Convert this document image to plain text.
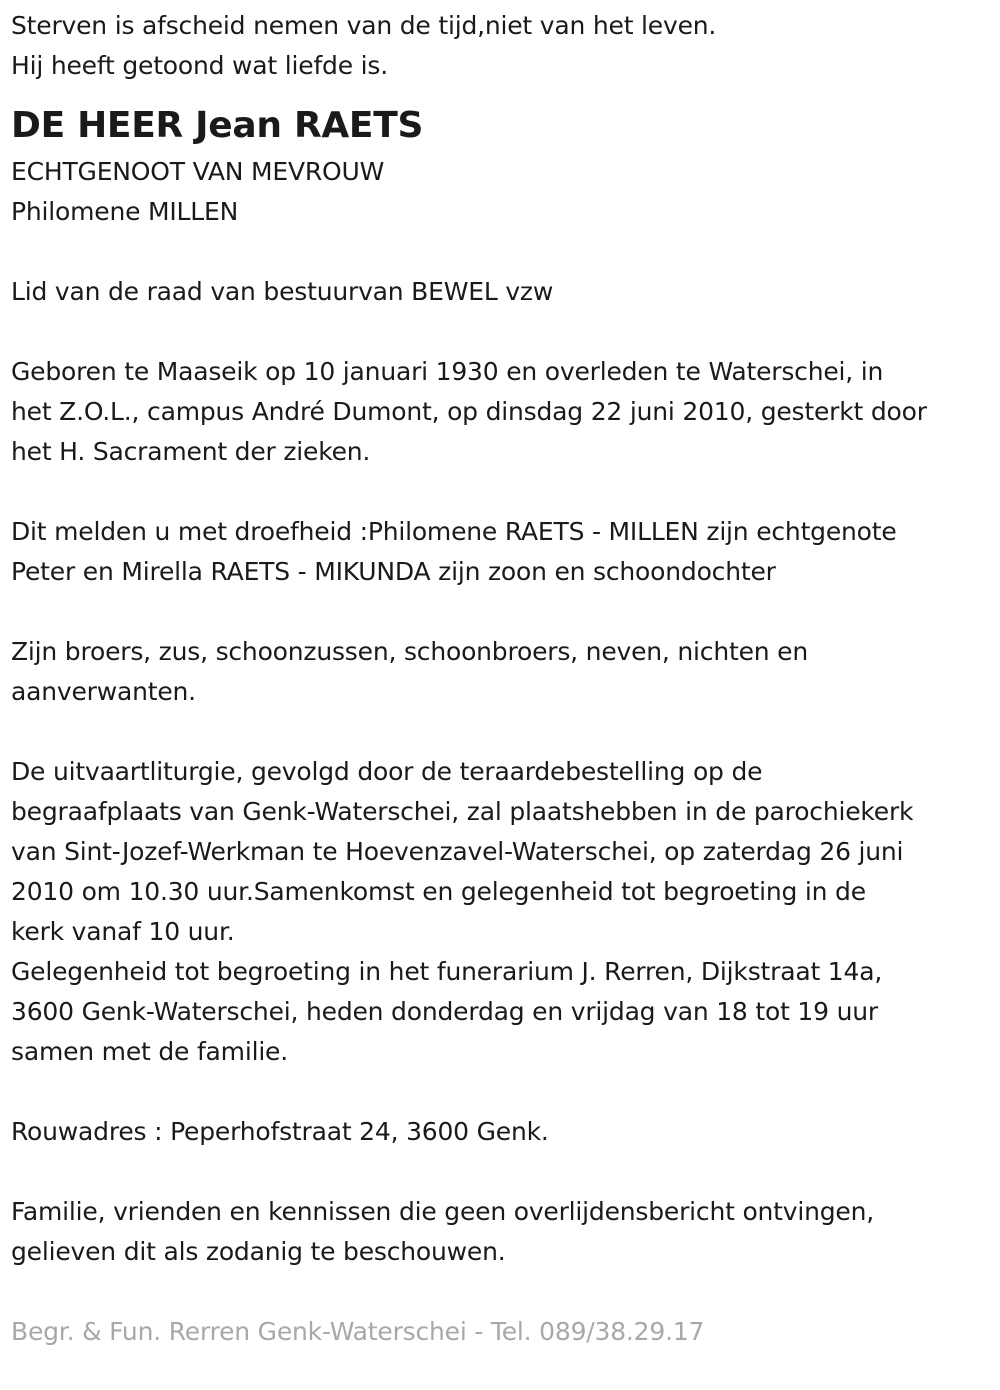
Sterven is afscheid nemen van de tijd,niet van het leven.
Hij heeft getoond wat liefde is.
DE HEER Jean RAETS
ECHTGENOOT VAN MEVROUW
Philomene MILLEN
Lid van de raad van bestuurvan BEWEL vzw
Geboren te Maaseik op 10 januari 1930 en overleden te Waterschei, in
het Z.O.L., campus André Dumont, op dinsdag 22 juni 2010, gesterkt door
het H. Sacrament der zieken.
Dit melden u met droefheid :Philomene RAETS - MILLEN zijn echtgenote
Peter en Mirella RAETS - MIKUNDA zijn zoon en schoondochter
Zijn broers, zus, schoonzussen, schoonbroers, neven, nichten en
aanverwanten.
De uitvaartliturgie, gevolgd door de teraardebestelling op de
begraafplaats van Genk-Waterschei, zal plaatshebben in de parochiekerk
van Sint-Jozef-Werkman te Hoevenzavel-Waterschei, op zaterdag 26 juni
2010 om 10.30 uur.Samenkomst en gelegenheid tot begroeting in de
kerk vanaf 10 uur.
Gelegenheid tot begroeting in het funerarium J. Rerren, Dijkstraat 14a,
3600 Genk-Waterschei, heden donderdag en vrijdag van 18 tot 19 uur
samen met de familie.
Rouwadres : Peperhofstraat 24, 3600 Genk.
Familie, vrienden en kennissen die geen overlijdensbericht ontvingen,
gelieven dit als zodanig te beschouwen.
Begr. & Fun. Rerren Genk-Waterschei - Tel. 089/38.29.17
